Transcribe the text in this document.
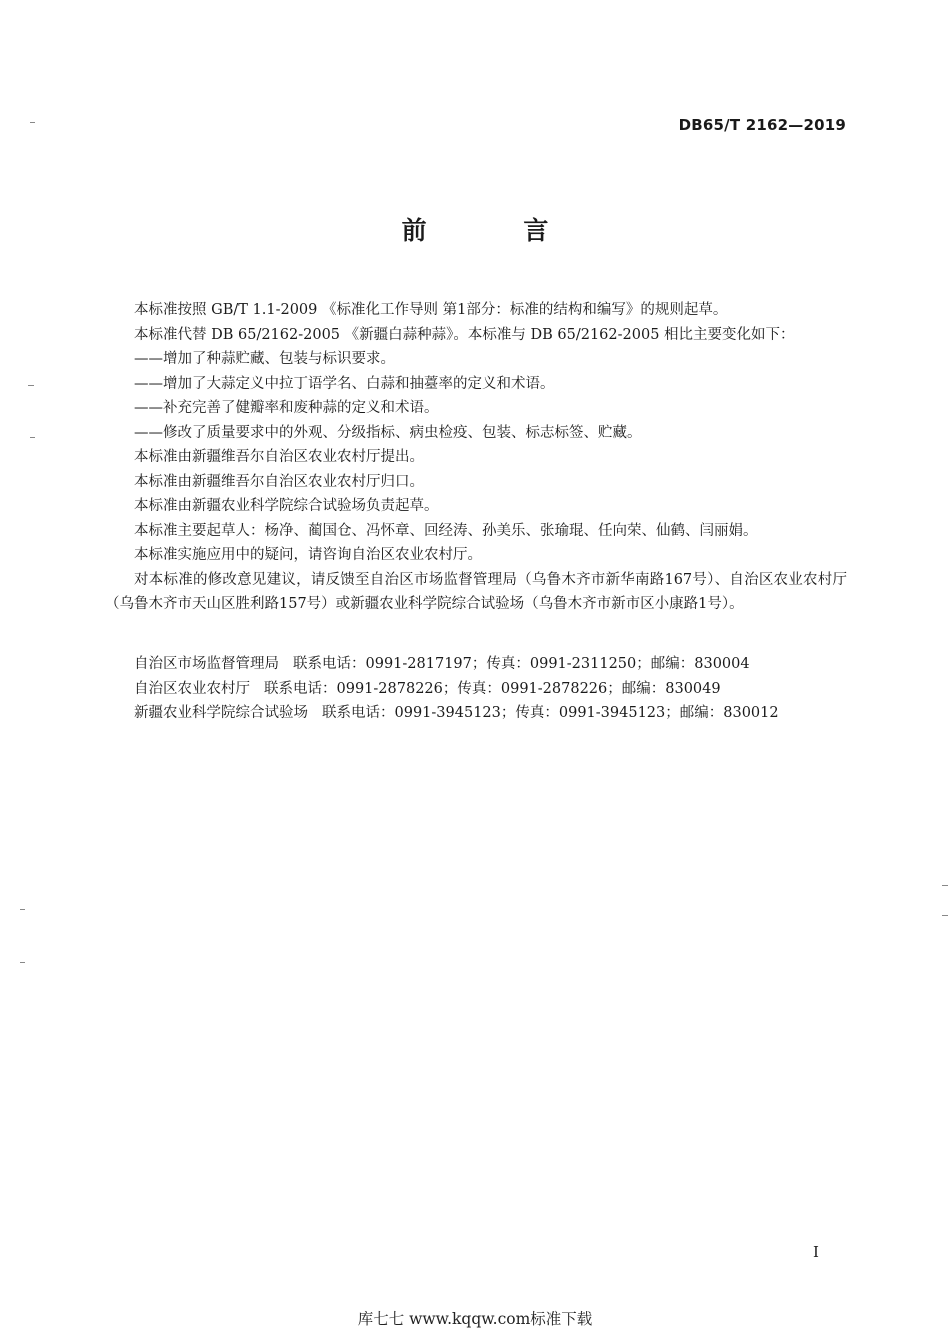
DB65/T 2162—2019
前 言

本标准按照 GB/T 1.1-2009 《标准化工作导则 第1部分：标准的结构和编写》的规则起草。

本标准代替 DB 65/2162-2005 《新疆白蒜种蒜》。本标准与 DB 65/2162-2005 相比主要变化如下：

——增加了种蒜贮藏、包装与标识要求。

——增加了大蒜定义中拉丁语学名、白蒜和抽薹率的定义和术语。

——补充完善了健瓣率和废种蒜的定义和术语。

——修改了质量要求中的外观、分级指标、病虫检疫、包装、标志标签、贮藏。

本标准由新疆维吾尔自治区农业农村厅提出。

本标准由新疆维吾尔自治区农业农村厅归口。

本标准由新疆农业科学院综合试验场负责起草。

本标准主要起草人：杨净、蔺国仓、冯怀章、回经涛、孙美乐、张瑜琨、任向荣、仙鹤、闫丽娟。

本标准实施应用中的疑问，请咨询自治区农业农村厅。

对本标准的修改意见建议，请反馈至自治区市场监督管理局（乌鲁木齐市新华南路167号）、自治区农业农村厅（乌鲁木齐市天山区胜利路157号）或新疆农业科学院综合试验场（乌鲁木齐市新市区小康路1号）。

自治区市场监督管理局 联系电话：0991-2817197；传真：0991-2311250；邮编：830004
自治区农业农村厅 联系电话：0991-2878226；传真：0991-2878226；邮编：830049
新疆农业科学院综合试验场 联系电话：0991-3945123；传真：0991-3945123；邮编：830012
I
库七七 www.kqqw.com标准下载
